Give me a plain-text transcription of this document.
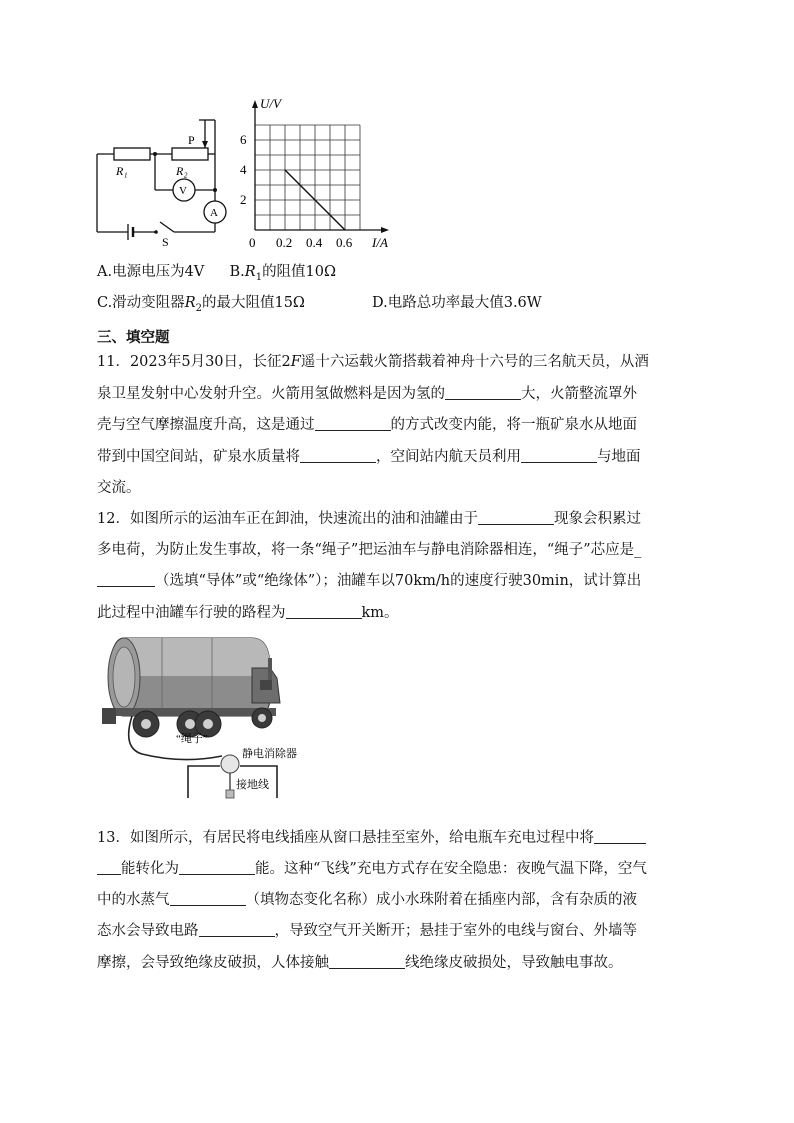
R₁	R₂
P
V
A
S
6
4
2
0 0.2 0.4 0.6
U/V
I/A
A.电源电压为4V $B.R_1$的阻值10Ω
C.滑动变阻器$R_2$的最大阻值15Ω	D.电路总功率最大值3.6W
三、填空题
11．2023年5月30日，长征2F遥十六运载火箭搭载着神舟十六号的三名航天员，从酒
泉卫星发射中心发射升空。火箭用氢做燃料是因为氢的	大，火箭整流罩外
壳与空气摩擦温度升高，这是通过	的方式改变内能，将一瓶矿泉水从地面
带到中国空间站，矿泉水质量将	，空间站内航天员利用	与地面
交流。
12．如图所示的运油车正在卸油，快速流出的油和油罐由于	现象会积累过
多电荷，为防止发生事故，将一条“绳子”把运油车与静电消除器相连，“绳子”芯应是_
（选填“导体”或“绝缘体”）；油罐车以70km/h的速度行驶30min，试计算出
此过程中油罐车行驶的路程为	km。
“绳子”
静电消除器
接地线
13．如图所示，有居民将电线插座从窗口悬挂至室外，给电瓶车充电过程中将
能转化为	能。这种“飞线”充电方式存在安全隐患：夜晚气温下降，空气
中的水蒸气	（填物态变化名称）成小水珠附着在插座内部，含有杂质的液
态水会导致电路	，导致空气开关断开；悬挂于室外的电线与窗台、外墙等
摩擦，会导致绝缘皮破损，人体接触	线绝缘皮破损处，导致触电事故。
